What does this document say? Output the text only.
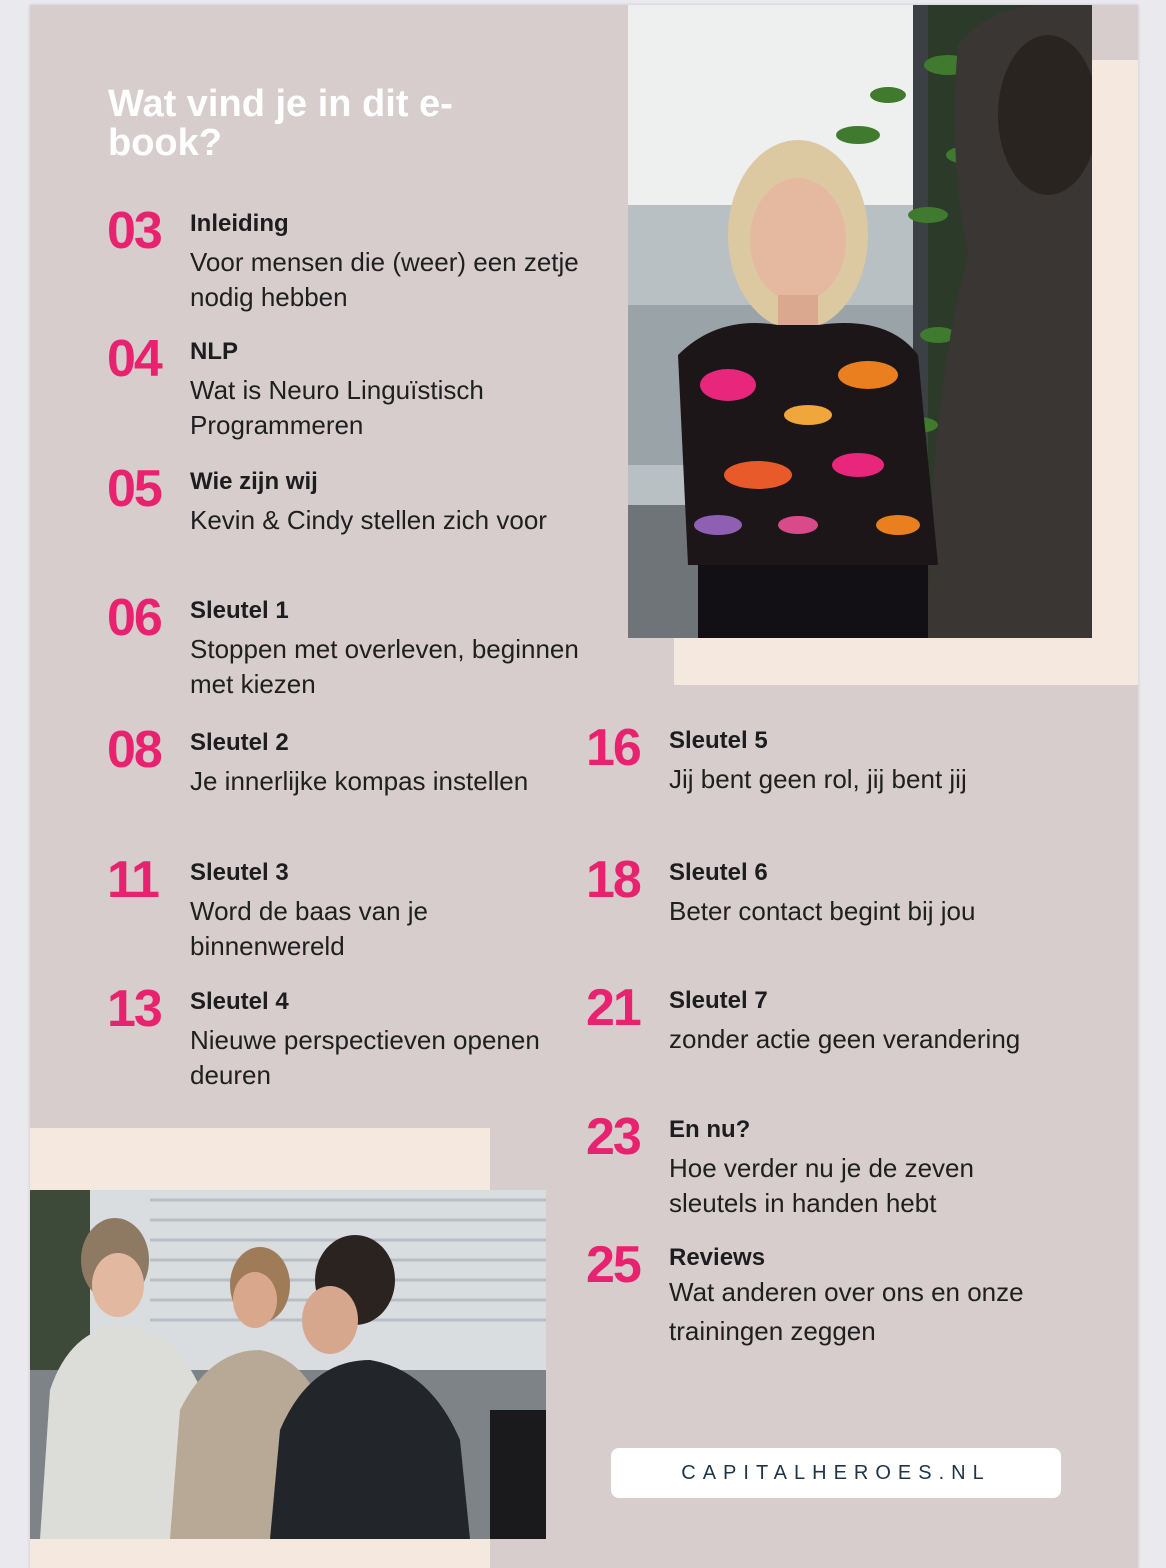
Wat vind je in dit e-book?
03 Inleiding
Voor mensen die (weer) een zetje nodig hebben
04 NLP
Wat is Neuro Linguïstisch Programmeren
05 Wie zijn wij
Kevin & Cindy stellen zich voor
06 Sleutel 1
Stoppen met overleven, beginnen met kiezen
08 Sleutel 2
Je innerlijke kompas instellen
11 Sleutel 3
Word de baas van je binnenwereld
13 Sleutel 4
Nieuwe perspectieven openen deuren
16 Sleutel 5
Jij bent geen rol, jij bent jij
18 Sleutel 6
Beter contact begint bij jou
21 Sleutel 7
zonder actie geen verandering
23 En nu?
Hoe verder nu je de zeven sleutels in handen hebt
25 Reviews
Wat anderen over ons en onze trainingen zeggen
CAPITALHEROES.NL
